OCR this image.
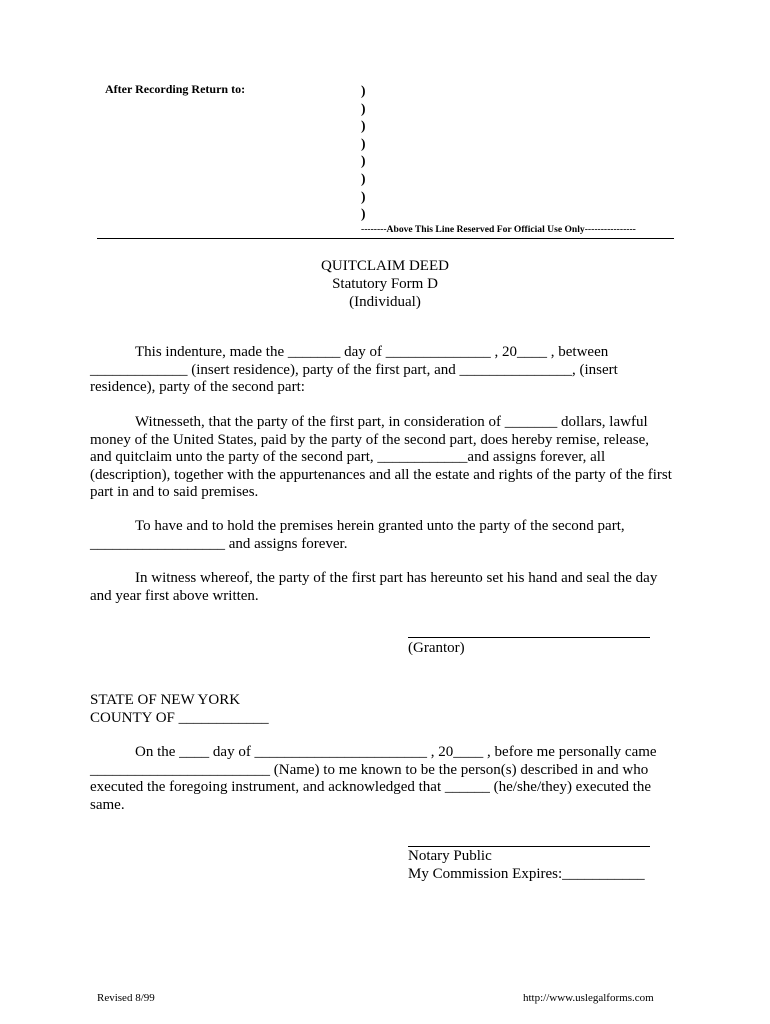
After Recording Return to:	)
)
)
)
)
)
)
)
--------Above This Line Reserved For Official Use Only----------------
QUITCLAIM DEED
Statutory Form D
(Individual)
This indenture, made the _______ day of ______________ , 20____ , between
_____________ (insert residence), party of the first part, and _______________, (insert
residence), party of the second part:
Witnesseth, that the party of the first part, in consideration of _______ dollars, lawful
money of the United States, paid by the party of the second part, does hereby remise, release,
and quitclaim unto the party of the second part, ____________and assigns forever, all
(description), together with the appurtenances and all the estate and rights of the party of the first
part in and to said premises.
To have and to hold the premises herein granted unto the party of the second part,
__________________ and assigns forever.
In witness whereof, the party of the first part has hereunto set his hand and seal the day
and year first above written.
(Grantor)
STATE OF NEW YORK
COUNTY OF ____________
On the ____ day of _______________________ , 20____ , before me personally came
________________________ (Name) to me known to be the person(s) described in and who
executed the foregoing instrument, and acknowledged that ______ (he/she/they) executed the
same.
Notary Public
My Commission Expires:___________
Revised 8/99	http://www.uslegalforms.com
